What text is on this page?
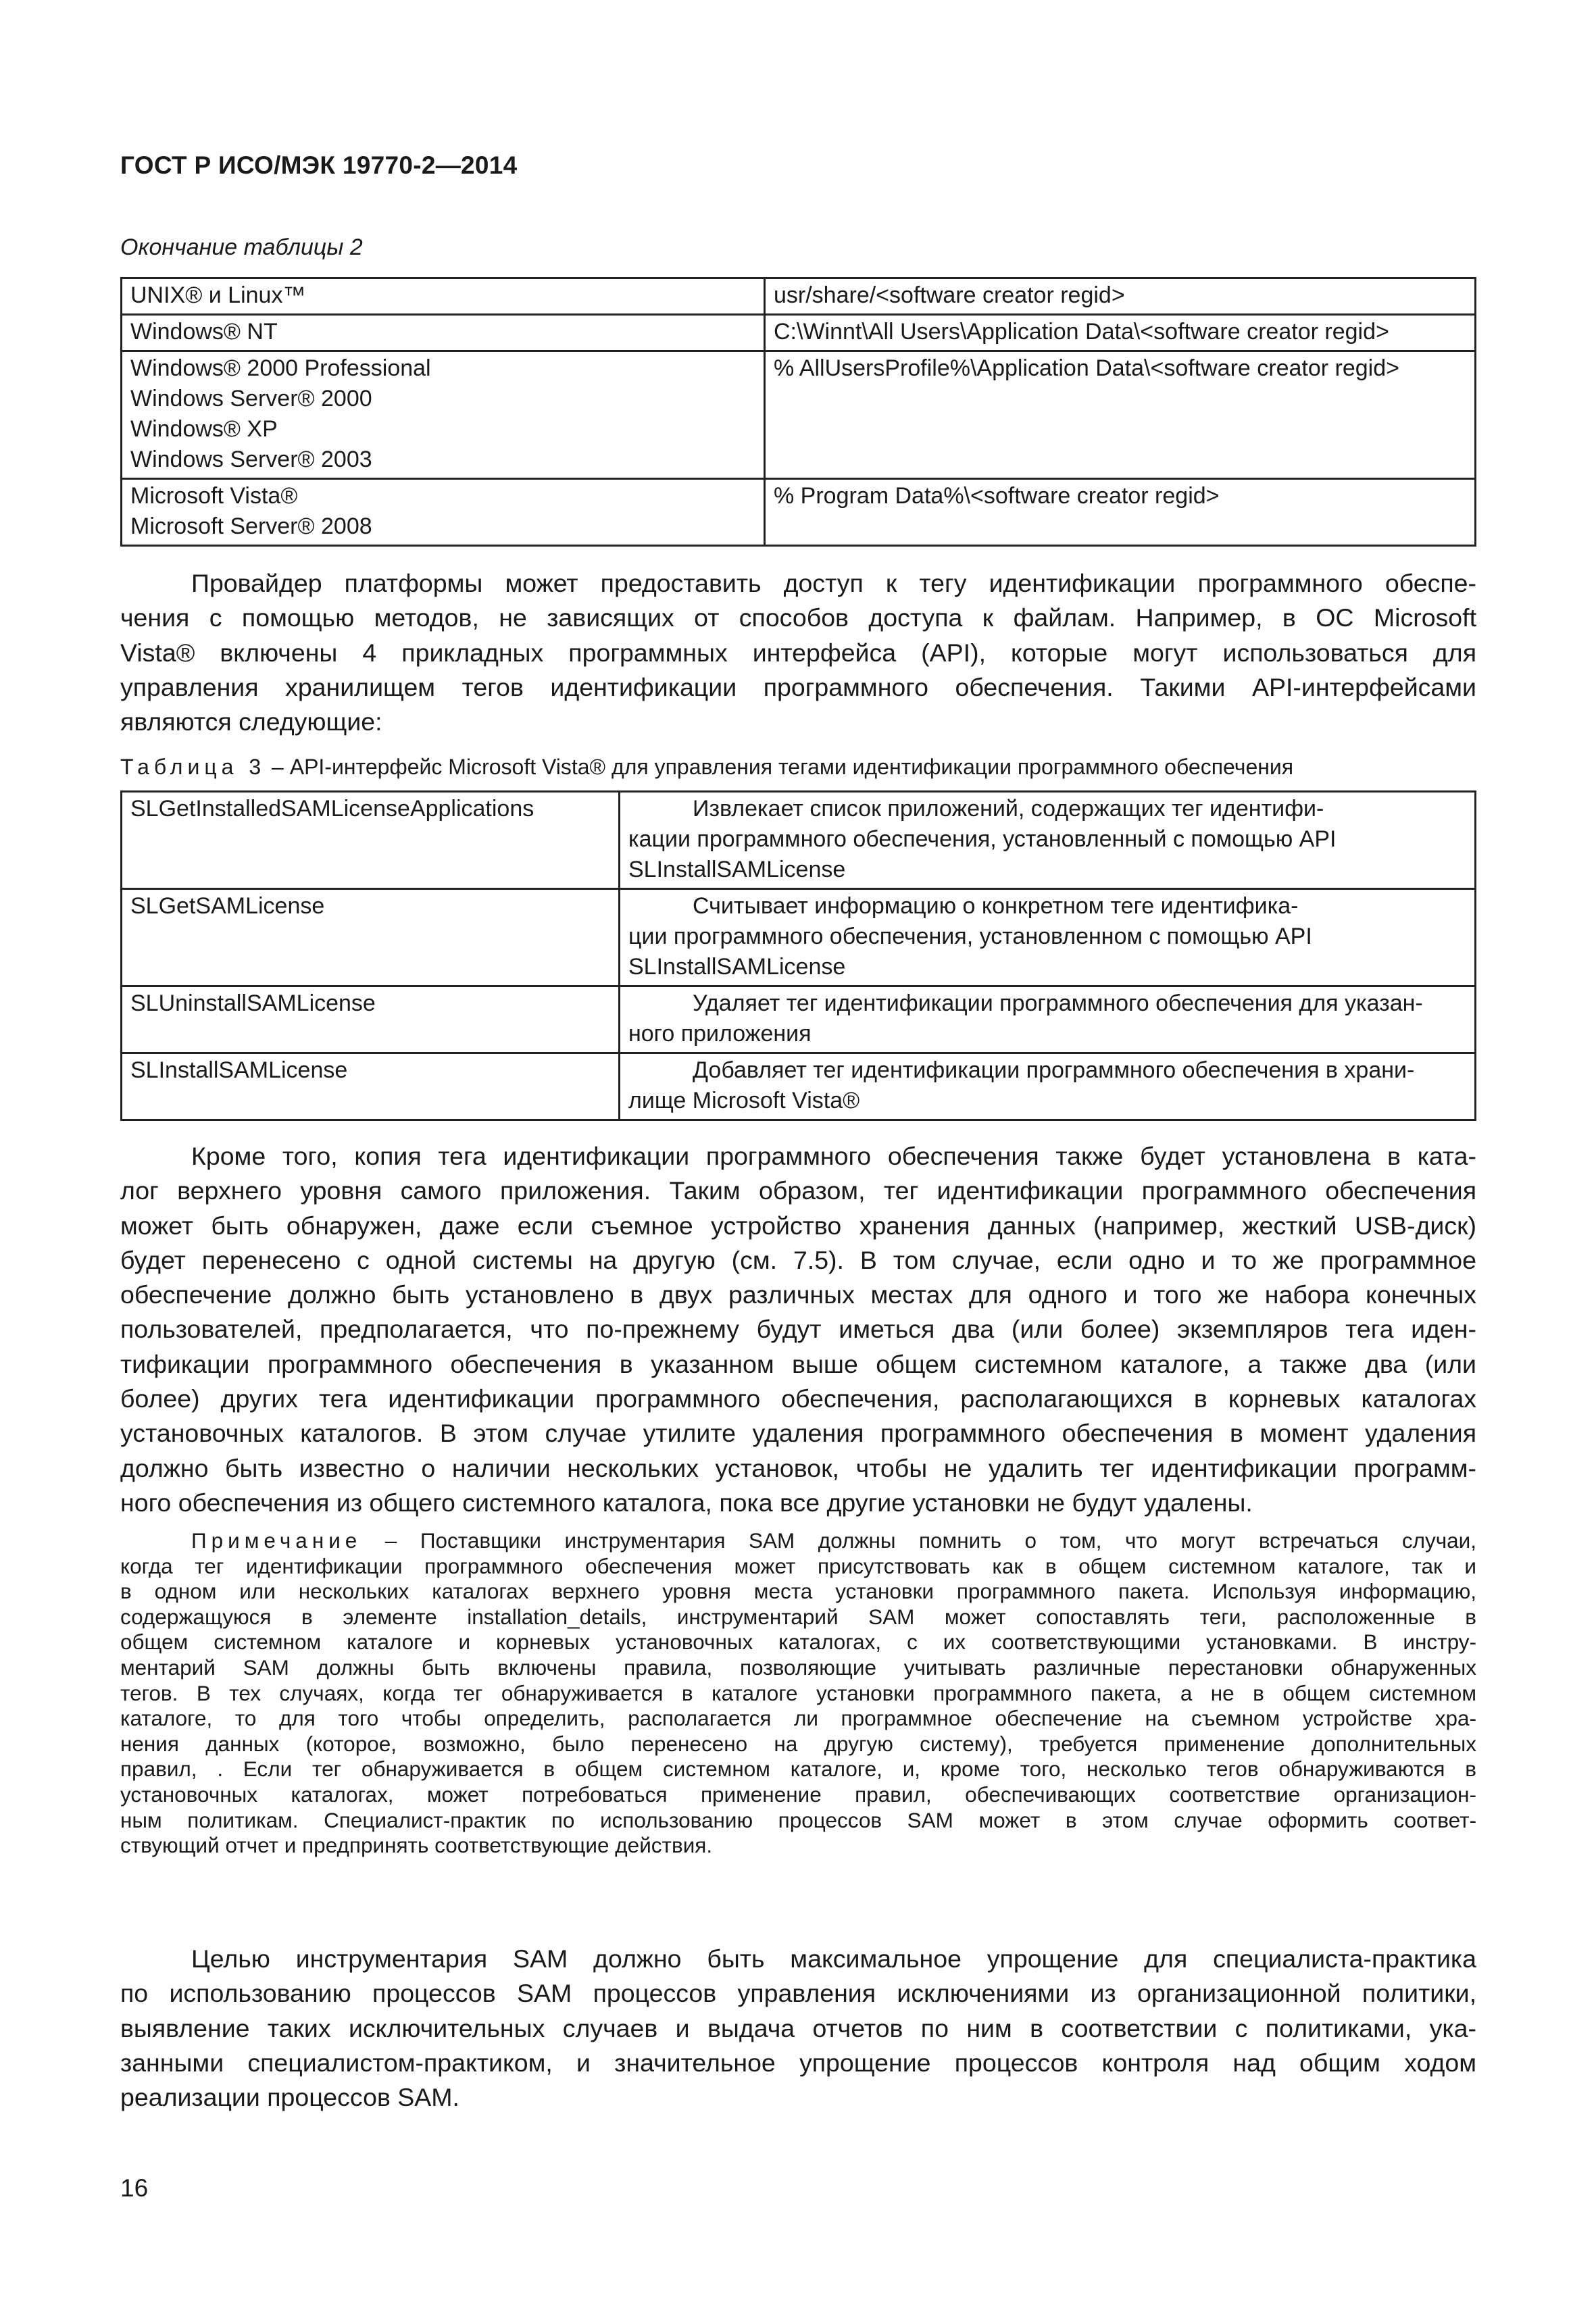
ГОСТ Р ИСО/МЭК 19770-2—2014
Окончание таблицы 2
UNIX® и Linux™	usr/share/<software creator regid>

Windows® NT	C:\Winnt\All Users\Application Data\<software creator regid>

Windows® 2000 Professional
Windows Server® 2000
Windows® XP
Windows Server® 2003	% AllUsersProfile%\Application Data\<software creator regid>

Microsoft Vista®
Microsoft Server® 2008	% Program Data%\<software creator regid>
Провайдер платформы может предоставить доступ к тегу идентификации программного обеспе-
чения с помощью методов, не зависящих от способов доступа к файлам. Например, в ОС Microsoft
Vista® включены 4 прикладных программных интерфейса (API), которые могут использоваться для
управления хранилищем тегов идентификации программного обеспечения. Такими API-интерфейсами
являются следующие:
Таблица 3 – API-интерфейс Microsoft Vista® для управления тегами идентификации программного обеспечения
SLGetInstalledSAMLicenseApplications	Извлекает список приложений, содержащих тег идентифи-
кации программного обеспечения, установленный с помощью API
SLInstallSAMLicense

SLGetSAMLicense	Считывает информацию о конкретном теге идентифика-
ции программного обеспечения, установленном с помощью API
SLInstallSAMLicense

SLUninstallSAMLicense	Удаляет тег идентификации программного обеспечения для указан-
ного приложения

SLInstallSAMLicense	Добавляет тег идентификации программного обеспечения в храни-
лище Microsoft Vista®
Кроме того, копия тега идентификации программного обеспечения также будет установлена в ката-
лог верхнего уровня самого приложения. Таким образом, тег идентификации программного обеспечения
может быть обнаружен, даже если съемное устройство хранения данных (например, жесткий USB-диск)
будет перенесено с одной системы на другую (см. 7.5). В том случае, если одно и то же программное
обеспечение должно быть установлено в двух различных местах для одного и того же набора конечных
пользователей, предполагается, что по-прежнему будут иметься два (или более) экземпляров тега иден-
тификации программного обеспечения в указанном выше общем системном каталоге, а также два (или
более) других тега идентификации программного обеспечения, располагающихся в корневых каталогах
установочных каталогов. В этом случае утилите удаления программного обеспечения в момент удаления
должно быть известно о наличии нескольких установок, чтобы не удалить тег идентификации программ-
ного обеспечения из общего системного каталога, пока все другие установки не будут удалены.
Примечание – Поставщики инструментария SAM должны помнить о том, что могут встречаться случаи,
когда тег идентификации программного обеспечения может присутствовать как в общем системном каталоге, так и
в одном или нескольких каталогах верхнего уровня места установки программного пакета. Используя информацию,
содержащуюся в элементе installation_details, инструментарий SAM может сопоставлять теги, расположенные в
общем системном каталоге и корневых установочных каталогах, с их соответствующими установками. В инстру-
ментарий SAM должны быть включены правила, позволяющие учитывать различные перестановки обнаруженных
тегов. В тех случаях, когда тег обнаруживается в каталоге установки программного пакета, а не в общем системном
каталоге, то для того чтобы определить, располагается ли программное обеспечение на съемном устройстве хра-
нения данных (которое, возможно, было перенесено на другую систему), требуется применение дополнительных
правил, . Если тег обнаруживается в общем системном каталоге, и, кроме того, несколько тегов обнаруживаются в
установочных каталогах, может потребоваться применение правил, обеспечивающих соответствие организацион-
ным политикам. Специалист-практик по использованию процессов SAM может в этом случае оформить соответ-
ствующий отчет и предпринять соответствующие действия.
Целью инструментария SAM должно быть максимальное упрощение для специалиста-практика
по использованию процессов SAM процессов управления исключениями из организационной политики,
выявление таких исключительных случаев и выдача отчетов по ним в соответствии с политиками, ука-
занными специалистом-практиком, и значительное упрощение процессов контроля над общим ходом
реализации процессов SAM.
16
